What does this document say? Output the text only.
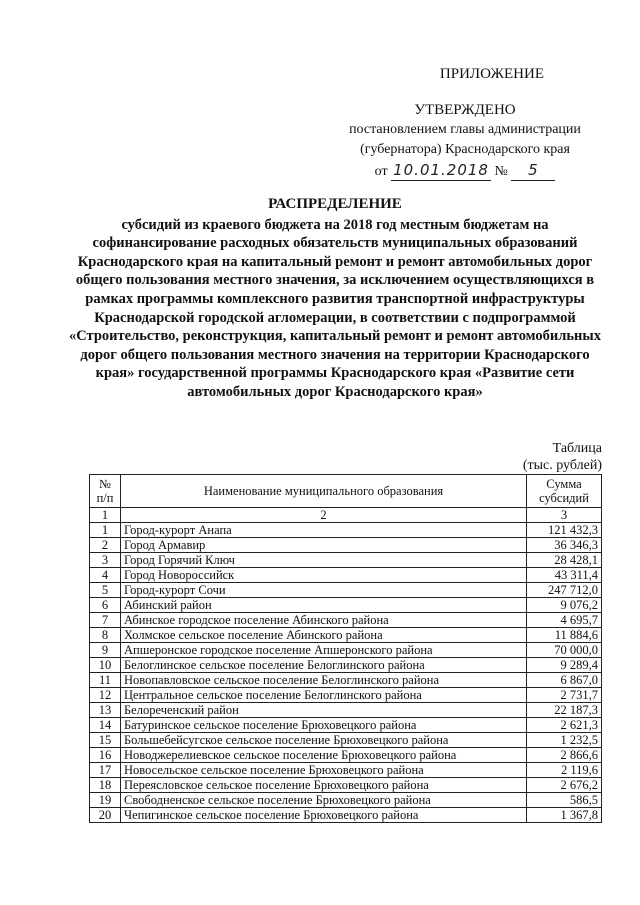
ПРИЛОЖЕНИЕ
УТВЕРЖДЕНО
постановлением главы администрации
(губернатора) Краснодарского края
от 10.01.2018 № 5
РАСПРЕДЕЛЕНИЕ
субсидий из краевого бюджета на 2018 год местным бюджетам на софинансирование расходных обязательств муниципальных образований Краснодарского края на капитальный ремонт и ремонт автомобильных дорог общего пользования местного значения, за исключением осуществляющихся в рамках программы комплексного развития транспортной инфраструктуры Краснодарской городской агломерации, в соответствии с подпрограммой «Строительство, реконструкция, капитальный ремонт и ремонт автомобильных дорог общего пользования местного значения на территории Краснодарского края» государственной программы Краснодарского края «Развитие сети автомобильных дорог Краснодарского края»
Таблица
(тыс. рублей)
№ п/п	Наименование муниципального образования	Сумма субсидий
1	2	3
1	Город-курорт Анапа	121 432,3
2	Город Армавир	36 346,3
3	Город Горячий Ключ	28 428,1
4	Город Новороссийск	43 311,4
5	Город-курорт Сочи	247 712,0
6	Абинский район	9 076,2
7	Абинское городское поселение Абинского района	4 695,7
8	Холмское сельское поселение Абинского района	11 884,6
9	Апшеронское городское поселение Апшеронского района	70 000,0
10	Белоглинское сельское поселение Белоглинского района	9 289,4
11	Новопавловское сельское поселение Белоглинского района	6 867,0
12	Центральное сельское поселение Белоглинского района	2 731,7
13	Белореченский район	22 187,3
14	Батуринское сельское поселение Брюховецкого района	2 621,3
15	Большебейсугское сельское поселение Брюховецкого района	1 232,5
16	Новоджерелиевское сельское поселение Брюховецкого района	2 866,6
17	Новосельское сельское поселение Брюховецкого района	2 119,6
18	Переясловское сельское поселение Брюховецкого района	2 676,2
19	Свободненское сельское поселение Брюховецкого района	586,5
20	Чепигинское сельское поселение Брюховецкого района	1 367,8
